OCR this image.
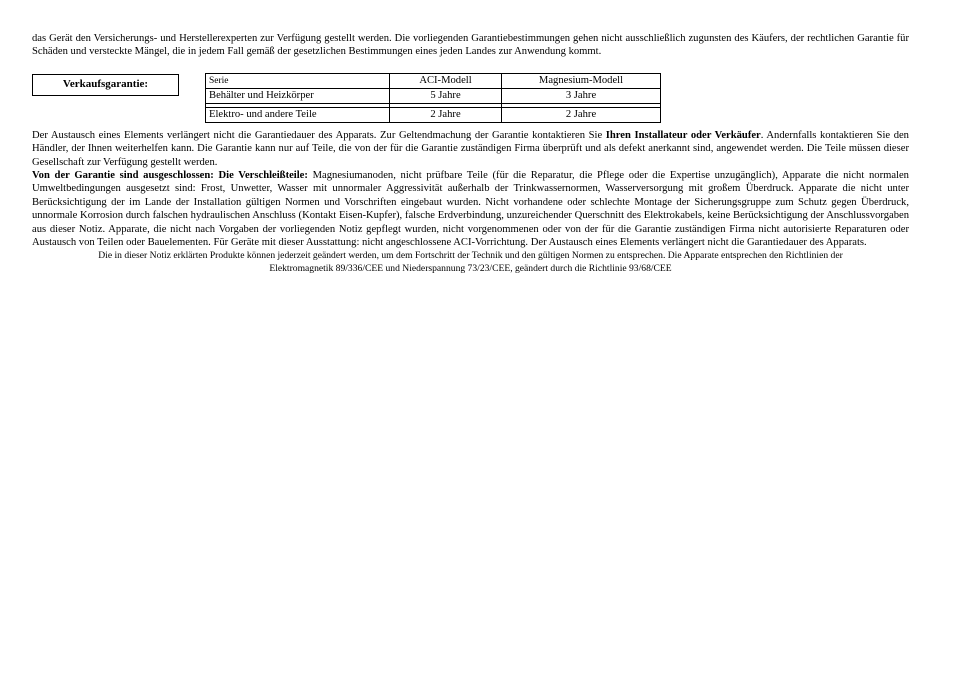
das Gerät den Versicherungs- und Herstellerexperten zur Verfügung gestellt werden. Die vorliegenden Garantiebestimmungen gehen nicht ausschließlich zugunsten des Käufers, der rechtlichen Garantie für Schäden und versteckte Mängel, die in jedem Fall gemäß der gesetzlichen Bestimmungen eines jeden Landes zur Anwendung kommt.

Verkaufsgarantie:	Serie	ACI-Modell	Magnesium-Modell
Behälter und Heizkörper	5 Jahre	3 Jahre

Elektro- und andere Teile	2 Jahre	2 Jahre

Der Austausch eines Elements verlängert nicht die Garantiedauer des Apparats. Zur Geltendmachung der Garantie kontaktieren Sie Ihren Installateur oder Verkäufer. Andernfalls kontaktieren Sie den Händler, der Ihnen weiterhelfen kann. Die Garantie kann nur auf Teile, die von der für die Garantie zuständigen Firma überprüft und als defekt anerkannt sind, angewendet werden. Die Teile müssen dieser Gesellschaft zur Verfügung gestellt werden.

Von der Garantie sind ausgeschlossen: Die Verschleißteile: Magnesiumanoden, nicht prüfbare Teile (für die Reparatur, die Pflege oder die Expertise unzugänglich), Apparate die nicht normalen Umweltbedingungen ausgesetzt sind: Frost, Unwetter, Wasser mit unnormaler Aggressivität außerhalb der Trinkwassernormen, Wasserversorgung mit großem Überdruck. Apparate die nicht unter Berücksichtigung der im Lande der Installation gültigen Normen und Vorschriften eingebaut wurden. Nicht vorhandene oder schlechte Montage der Sicherungsgruppe zum Schutz gegen Überdruck, unnormale Korrosion durch falschen hydraulischen Anschluss (Kontakt Eisen-Kupfer), falsche Erdverbindung, unzureichender Querschnitt des Elektrokabels, keine Berücksichtigung der Anschlussvorgaben aus dieser Notiz. Apparate, die nicht nach Vorgaben der vorliegenden Notiz gepflegt wurden, nicht vorgenommenen oder von der für die Garantie zuständigen Firma nicht autorisierte Reparaturen oder Austausch von Teilen oder Bauelementen. Für Geräte mit dieser Ausstattung: nicht angeschlossene ACI-Vorrichtung. Der Austausch eines Elements verlängert nicht die Garantiedauer des Apparats.

Die in dieser Notiz erklärten Produkte können jederzeit geändert werden, um dem Fortschritt der Technik und den gültigen Normen zu entsprechen. Die Apparate entsprechen den Richtlinien der
Elektromagnetik 89/336/CEE und Niederspannung 73/23/CEE, geändert durch die Richtlinie 93/68/CEE
